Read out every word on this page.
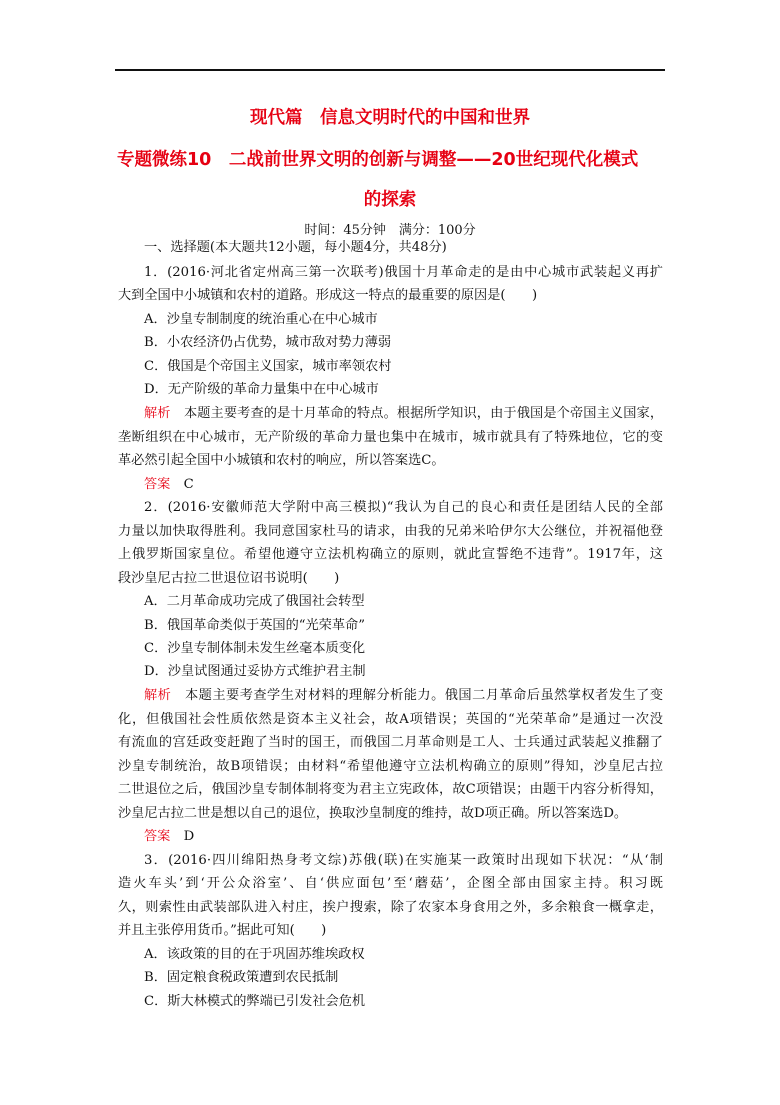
现代篇　信息文明时代的中国和世界
专题微练10　二战前世界文明的创新与调整——20世纪现代化模式
的探索
时间：45分钟　满分：100分
一、选择题(本大题共12小题，每小题4分，共48分)
1．(2016·河北省定州高三第一次联考)俄国十月革命走的是由中心城市武装起义再扩
大到全国中小城镇和农村的道路。形成这一特点的最重要的原因是(　　)
A．沙皇专制制度的统治重心在中心城市
B．小农经济仍占优势，城市敌对势力薄弱
C．俄国是个帝国主义国家，城市率领农村
D．无产阶级的革命力量集中在中心城市
解析　 本题主要考查的是十月革命的特点。根据所学知识，由于俄国是个帝国主义国家，
垄断组织在中心城市，无产阶级的革命力量也集中在城市，城市就具有了特殊地位，它的变
革必然引起全国中小城镇和农村的响应，所以答案选C。
答案　 C
2．(2016·安徽师范大学附中高三模拟)“我认为自己的良心和责任是团结人民的全部
力量以加快取得胜利。我同意国家杜马的请求，由我的兄弟米哈伊尔大公继位，并祝福他登
上俄罗斯国家皇位。希望他遵守立法机构确立的原则，就此宣誓绝不违背”。1917年，这
段沙皇尼古拉二世退位诏书说明(　　)
A．二月革命成功完成了俄国社会转型
B．俄国革命类似于英国的“光荣革命”
C．沙皇专制体制未发生丝毫本质变化
D．沙皇试图通过妥协方式维护君主制
解析　 本题主要考查学生对材料的理解分析能力。俄国二月革命后虽然掌权者发生了变
化，但俄国社会性质依然是资本主义社会，故A项错误；英国的“光荣革命”是通过一次没
有流血的宫廷政变赶跑了当时的国王，而俄国二月革命则是工人、士兵通过武装起义推翻了
沙皇专制统治，故B项错误；由材料“希望他遵守立法机构确立的原则”得知，沙皇尼古拉
二世退位之后，俄国沙皇专制体制将变为君主立宪政体，故C项错误；由题干内容分析得知，
沙皇尼古拉二世是想以自己的退位，换取沙皇制度的维持，故D项正确。所以答案选D。
答案　 D
3．(2016·四川绵阳热身考文综)苏俄(联)在实施某一政策时出现如下状况：“从‘制
造火车头’到‘开公众浴室’、自‘供应面包’至‘蘑菇’，企图全部由国家主持。积习既
久，则索性由武装部队进入村庄，挨户搜索，除了农家本身食用之外，多余粮食一概拿走，
并且主张停用货币。”据此可知(　　)
A．该政策的目的在于巩固苏维埃政权
B．固定粮食税政策遭到农民抵制
C．斯大林模式的弊端已引发社会危机
